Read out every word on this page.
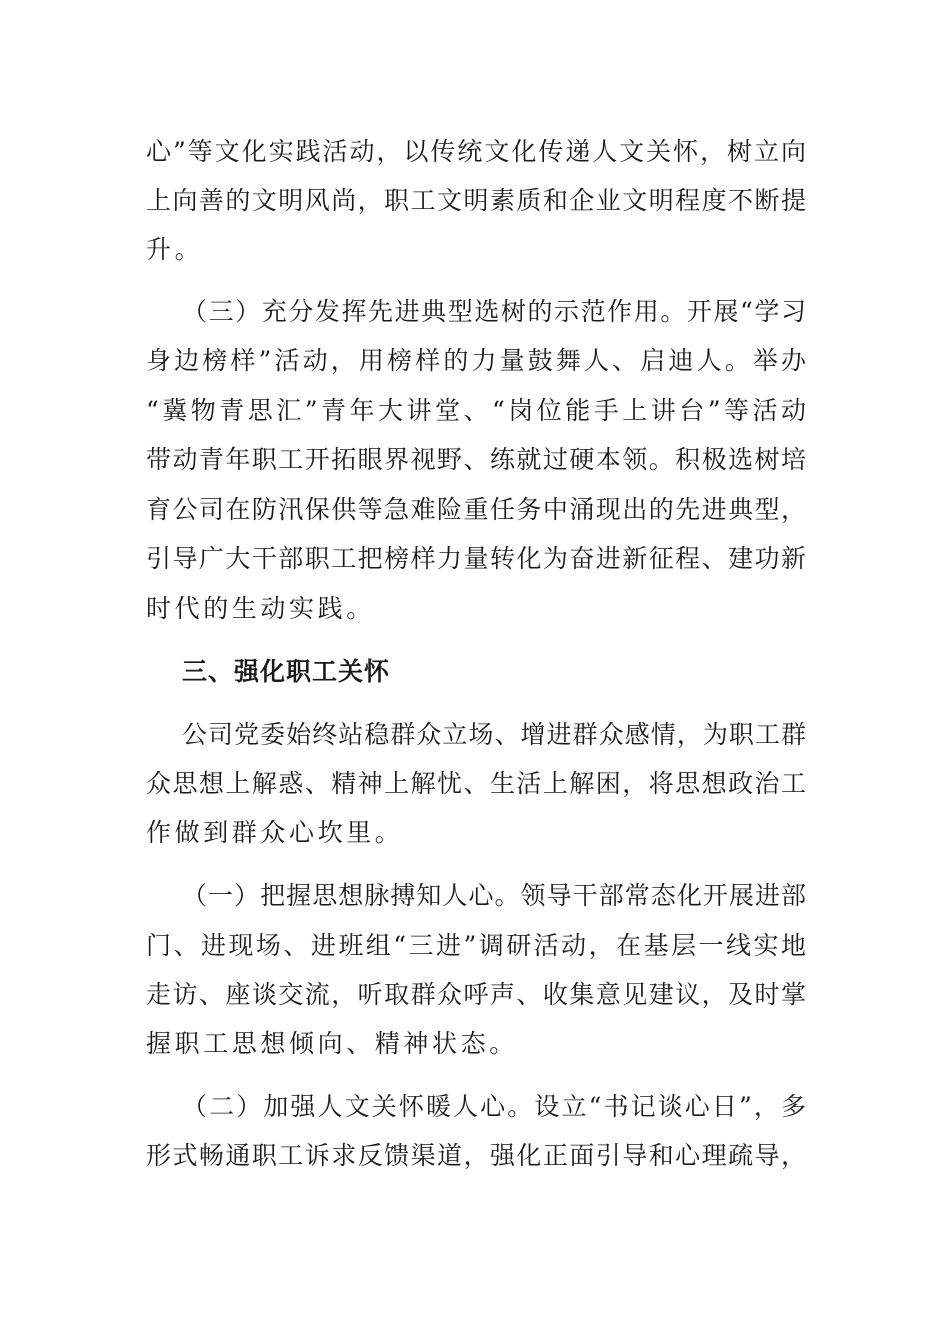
心”等文化实践活动，以传统文化传递人文关怀，树立向
上向善的文明风尚，职工文明素质和企业文明程度不断提
升。
（三）充分发挥先进典型选树的示范作用。开展“学习
身边榜样”活动，用榜样的力量鼓舞人、启迪人。举办
“冀物青思汇”青年大讲堂、“岗位能手上讲台”等活动
带动青年职工开拓眼界视野、练就过硬本领。积极选树培
育公司在防汛保供等急难险重任务中涌现出的先进典型，
引导广大干部职工把榜样力量转化为奋进新征程、建功新
时代的生动实践。
三、强化职工关怀
公司党委始终站稳群众立场、增进群众感情，为职工群
众思想上解惑、精神上解忧、生活上解困，将思想政治工
作做到群众心坎里。
（一）把握思想脉搏知人心。领导干部常态化开展进部
门、进现场、进班组“三进”调研活动，在基层一线实地
走访、座谈交流，听取群众呼声、收集意见建议，及时掌
握职工思想倾向、精神状态。
（二）加强人文关怀暖人心。设立“书记谈心日”，多
形式畅通职工诉求反馈渠道，强化正面引导和心理疏导，
